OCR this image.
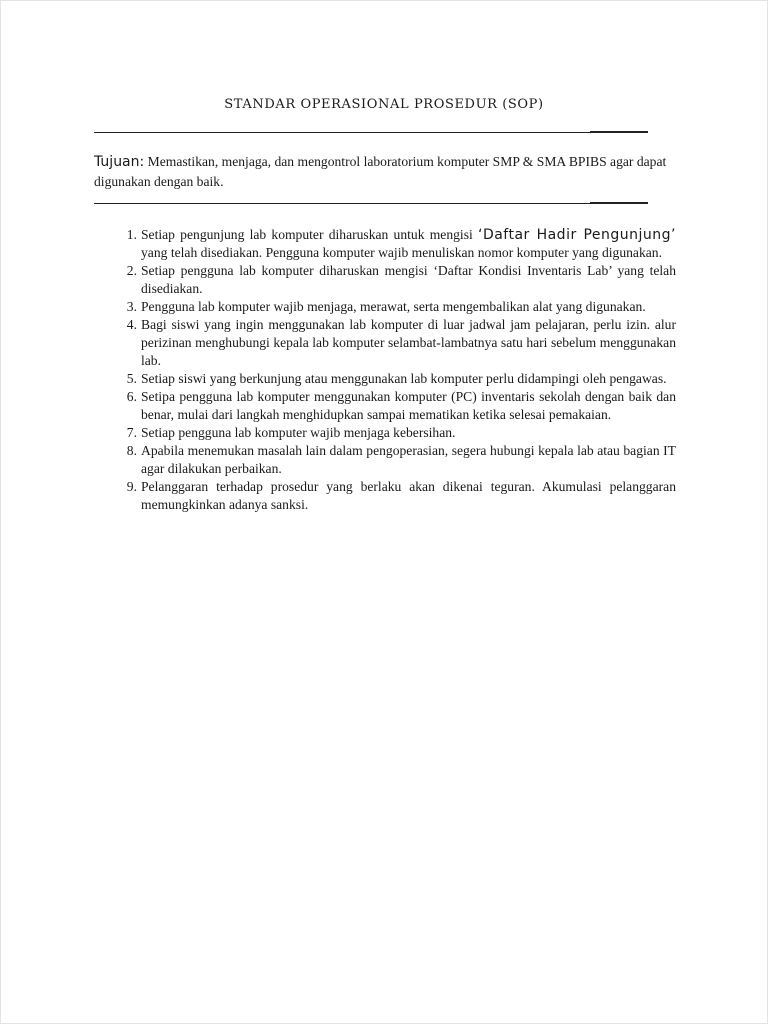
STANDAR OPERASIONAL PROSEDUR (SOP)
Tujuan: Memastikan, menjaga, dan mengontrol laboratorium komputer SMP & SMA BPIBS agar dapat digunakan dengan baik.
1. Setiap pengunjung lab komputer diharuskan untuk mengisi ‘Daftar Hadir Pengunjung’
yang telah disediakan. Pengguna komputer wajib menuliskan nomor komputer yang digunakan.
2. Setiap pengguna lab komputer diharuskan mengisi ‘Daftar Kondisi Inventaris Lab’ yang telah disediakan.
3. Pengguna lab komputer wajib menjaga, merawat, serta mengembalikan alat yang digunakan.
4. Bagi siswi yang ingin menggunakan lab komputer di luar jadwal jam pelajaran, perlu izin. alur perizinan menghubungi kepala lab komputer selambat-lambatnya satu hari sebelum menggunakan lab.
5. Setiap siswi yang berkunjung atau menggunakan lab komputer perlu didampingi oleh pengawas.
6. Setipa pengguna lab komputer menggunakan komputer (PC) inventaris sekolah dengan baik dan benar, mulai dari langkah menghidupkan sampai mematikan ketika selesai pemakaian.
7. Setiap pengguna lab komputer wajib menjaga kebersihan.
8. Apabila menemukan masalah lain dalam pengoperasian, segera hubungi kepala lab atau bagian IT agar dilakukan perbaikan.
9. Pelanggaran terhadap prosedur yang berlaku akan dikenai teguran. Akumulasi pelanggaran memungkinkan adanya sanksi.
